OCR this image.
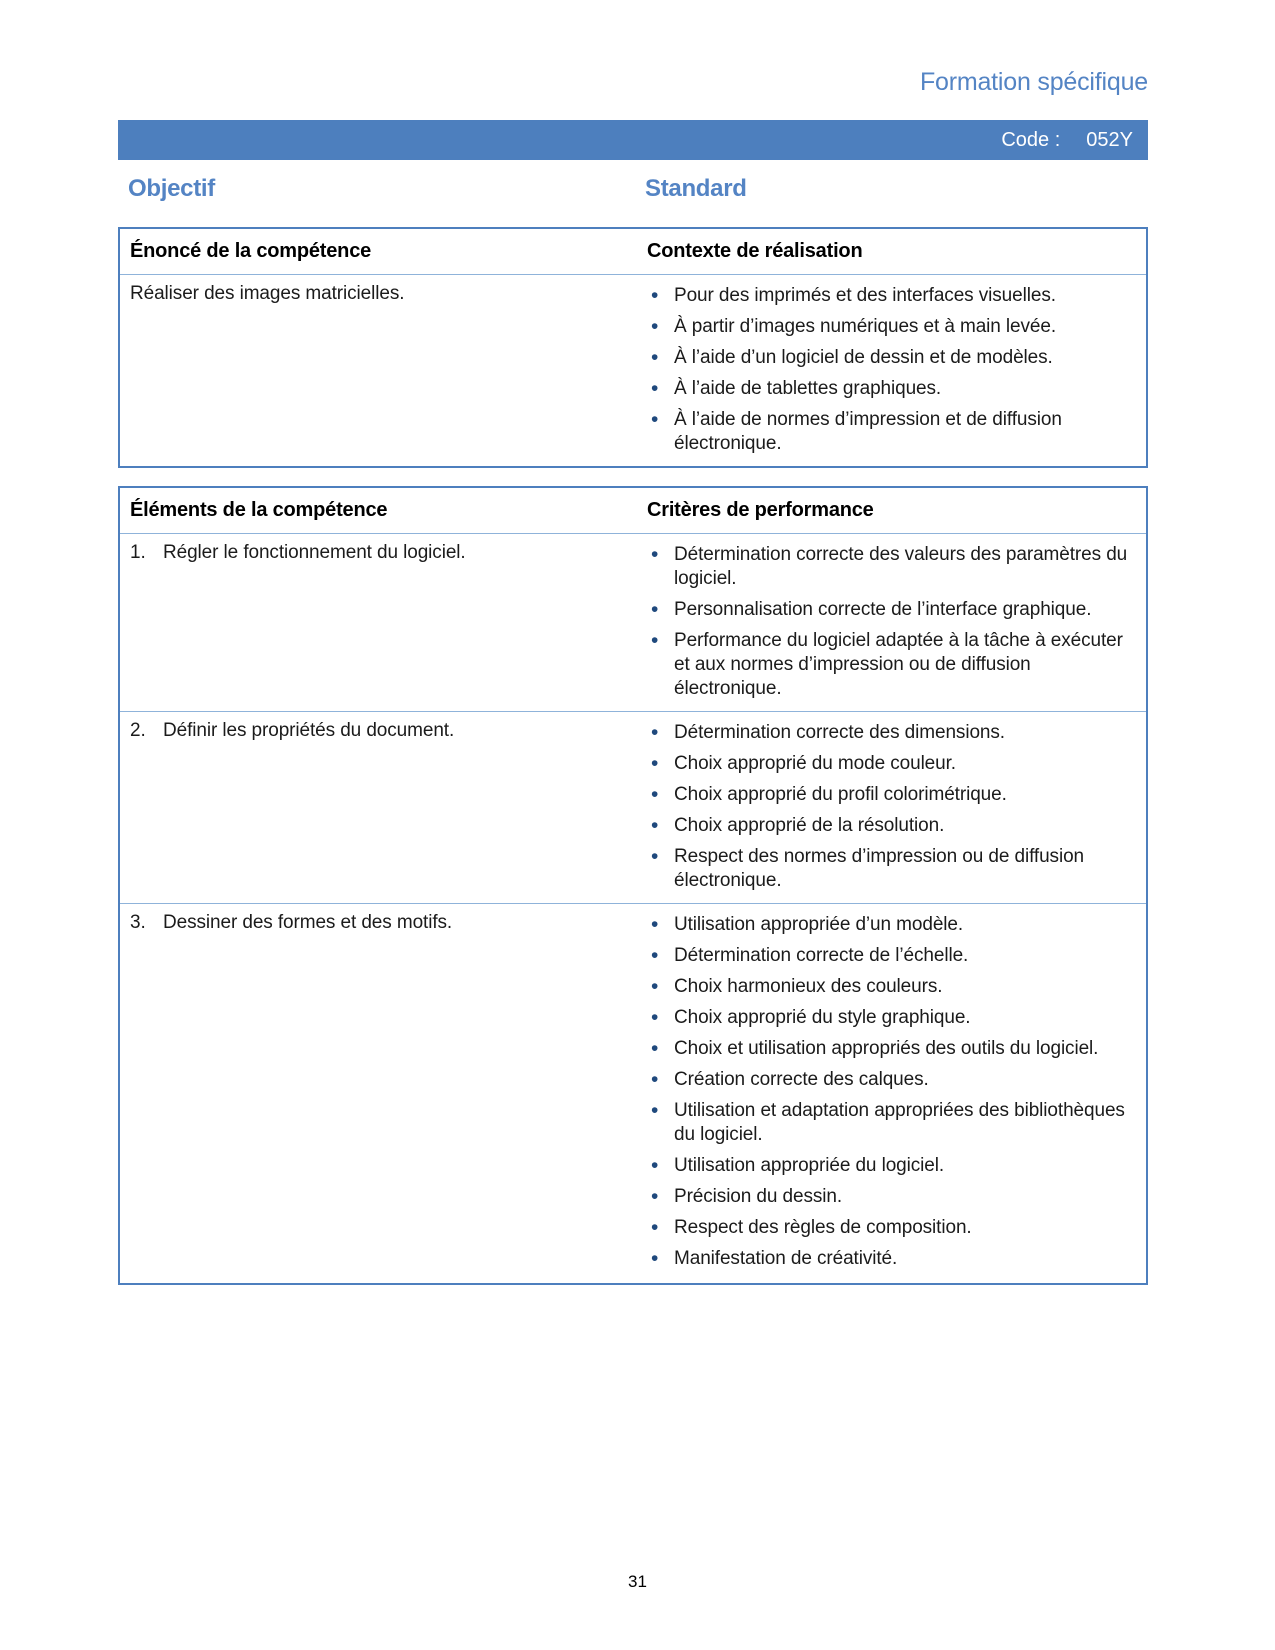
Formation spécifique
Code : 052Y
Objectif	Standard
Énoncé de la compétence	Contexte de réalisation
Réaliser des images matricielles.	• Pour des imprimés et des interfaces visuelles.
• À partir d’images numériques et à main levée.
• À l’aide d’un logiciel de dessin et de modèles.
• À l’aide de tablettes graphiques.
• À l’aide de normes d’impression et de diffusion électronique.
Éléments de la compétence	Critères de performance
1. Régler le fonctionnement du logiciel.	• Détermination correcte des valeurs des paramètres du logiciel.
• Personnalisation correcte de l’interface graphique.
• Performance du logiciel adaptée à la tâche à exécuter et aux normes d’impression ou de diffusion électronique.
2. Définir les propriétés du document.	• Détermination correcte des dimensions.
• Choix approprié du mode couleur.
• Choix approprié du profil colorimétrique.
• Choix approprié de la résolution.
• Respect des normes d’impression ou de diffusion électronique.
3. Dessiner des formes et des motifs.	• Utilisation appropriée d’un modèle.
• Détermination correcte de l’échelle.
• Choix harmonieux des couleurs.
• Choix approprié du style graphique.
• Choix et utilisation appropriés des outils du logiciel.
• Création correcte des calques.
• Utilisation et adaptation appropriées des bibliothèques du logiciel.
• Utilisation appropriée du logiciel.
• Précision du dessin.
• Respect des règles de composition.
• Manifestation de créativité.
31
